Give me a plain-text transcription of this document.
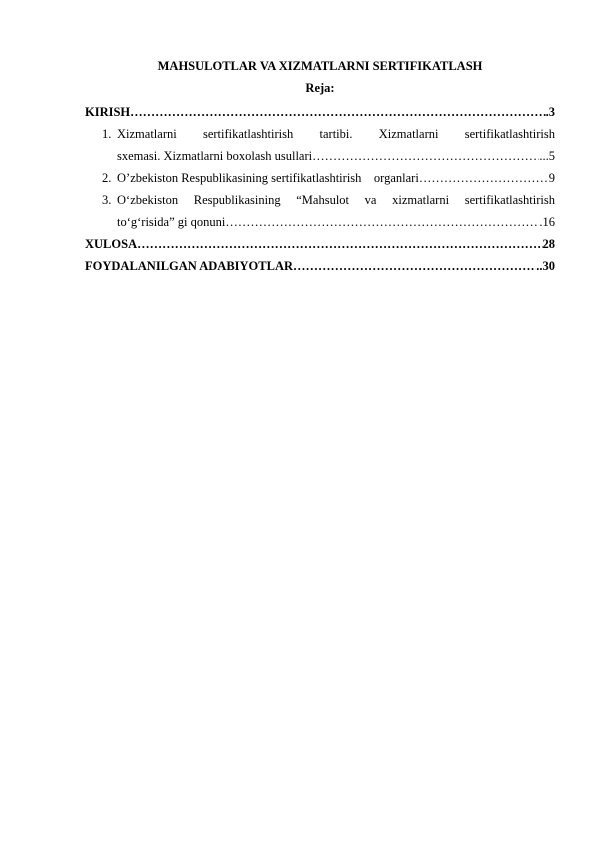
MAHSULOTLAR VA XIZMATLARNI SERTIFIKATLASH

Reja:

KIRISH ……………………………………………………………………………………………………………………………………………………………………	.3
1. Xizmatlarni sertifikatlashtirish tartibi. Xizmatlarni sertifikatlashtirish
sxemasi. Xizmatlarni boxolash usullari ……………………………………………………………………………………………………………………………………………………………………	...5
2. O’zbekiston Respublikasining sertifikatlashtirish    organlari ……………………………………………………………………………………………………………………………………………………………………	9
3. O‘zbekiston Respublikasining “Mahsulot va xizmatlarni sertifikatlashtirish
to‘g‘risida” gi qonuni ……………………………………………………………………………………………………………………………………………………………………	.16
XULOSA ……………………………………………………………………………………………………………………………………………………………………	28
FOYDALANILGAN ADABIYOTLAR ……………………………………………………………………………………………………………………………………………………………………	..30
